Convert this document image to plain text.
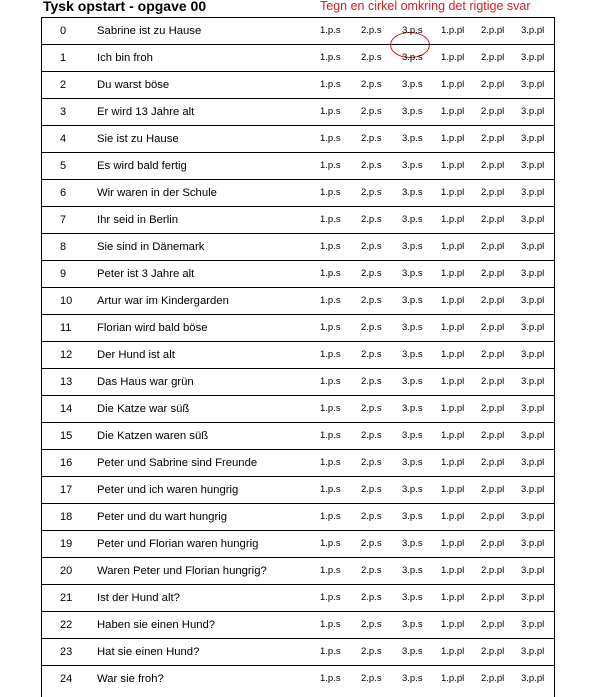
Tysk opstart - opgave 00	Tegn en cirkel omkring det rigtige svar
0	Sabrine ist zu Hause	1.p.s 2.p.s 3.p.s 1.p.pl 2.p.pl 3.p.pl
1	Ich bin froh	1.p.s 2.p.s 3.p.s 1.p.pl 2.p.pl 3.p.pl
2	Du warst böse	1.p.s 2.p.s 3.p.s 1.p.pl 2.p.pl 3.p.pl
3	Er wird 13 Jahre alt	1.p.s 2.p.s 3.p.s 1.p.pl 2.p.pl 3.p.pl
4	Sie ist zu Hause	1.p.s 2.p.s 3.p.s 1.p.pl 2.p.pl 3.p.pl
5	Es wird bald fertig	1.p.s 2.p.s 3.p.s 1.p.pl 2.p.pl 3.p.pl
6	Wir waren in der Schule	1.p.s 2.p.s 3.p.s 1.p.pl 2.p.pl 3.p.pl
7	Ihr seid in Berlin	1.p.s 2.p.s 3.p.s 1.p.pl 2.p.pl 3.p.pl
8	Sie sind in Dänemark	1.p.s 2.p.s 3.p.s 1.p.pl 2.p.pl 3.p.pl
9	Peter ist 3 Jahre alt	1.p.s 2.p.s 3.p.s 1.p.pl 2.p.pl 3.p.pl
10 Artur war im Kindergarden	1.p.s 2.p.s 3.p.s 1.p.pl 2.p.pl 3.p.pl
11 Florian wird bald böse	1.p.s 2.p.s 3.p.s 1.p.pl 2.p.pl 3.p.pl
12 Der Hund ist alt	1.p.s 2.p.s 3.p.s 1.p.pl 2.p.pl 3.p.pl
13 Das Haus war grün	1.p.s 2.p.s 3.p.s 1.p.pl 2.p.pl 3.p.pl
14 Die Katze war süß	1.p.s 2.p.s 3.p.s 1.p.pl 2.p.pl 3.p.pl
15 Die Katzen waren süß	1.p.s 2.p.s 3.p.s 1.p.pl 2.p.pl 3.p.pl
16 Peter und Sabrine sind Freunde	1.p.s 2.p.s 3.p.s 1.p.pl 2.p.pl 3.p.pl
17 Peter und ich waren hungrig	1.p.s 2.p.s 3.p.s 1.p.pl 2.p.pl 3.p.pl
18 Peter und du wart hungrig	1.p.s 2.p.s 3.p.s 1.p.pl 2.p.pl 3.p.pl
19 Peter und Florian waren hungrig	1.p.s 2.p.s 3.p.s 1.p.pl 2.p.pl 3.p.pl
20 Waren Peter und Florian hungrig?	1.p.s 2.p.s 3.p.s 1.p.pl 2.p.pl 3.p.pl
21 Ist der Hund alt?	1.p.s 2.p.s 3.p.s 1.p.pl 2.p.pl 3.p.pl
22 Haben sie einen Hund?	1.p.s 2.p.s 3.p.s 1.p.pl 2.p.pl 3.p.pl
23 Hat sie einen Hund?	1.p.s 2.p.s 3.p.s 1.p.pl 2.p.pl 3.p.pl
24 War sie froh?	1.p.s 2.p.s 3.p.s 1.p.pl 2.p.pl 3.p.pl
